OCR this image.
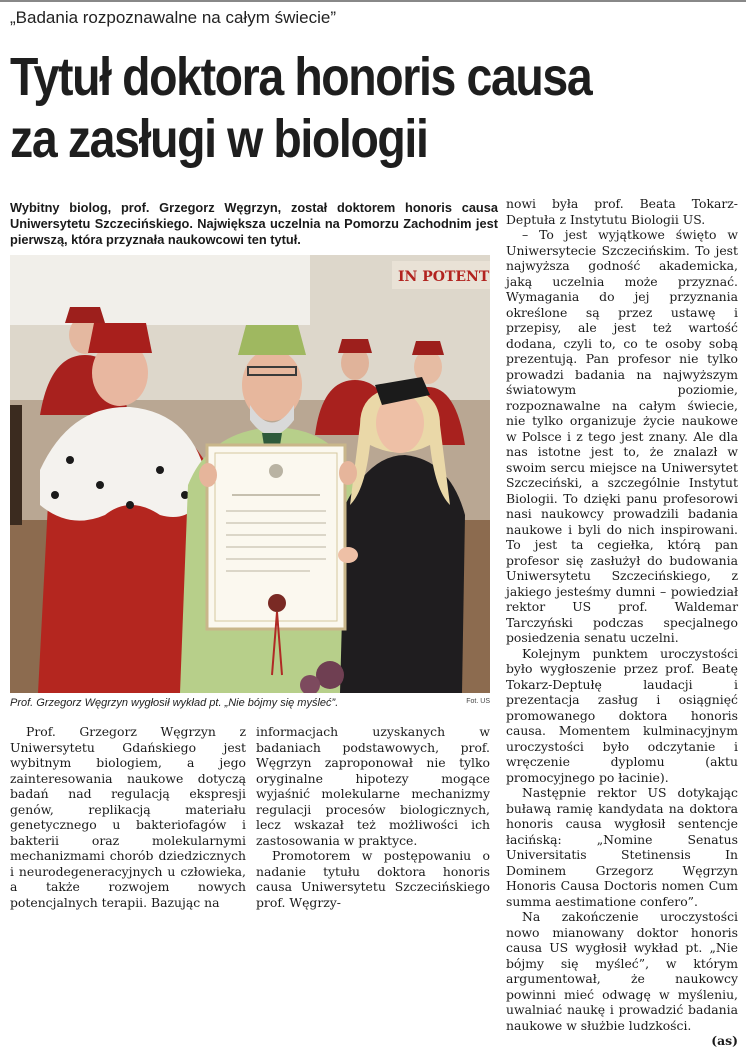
„Badania rozpoznawalne na całym świecie”
Tytuł doktora honoris causa
za zasługi w biologii
Wybitny biolog, prof. Grzegorz Węgrzyn, został doktorem honoris causa Uniwersytetu Szczecińskiego. Największa uczelnia na Pomorzu Zachodnim jest pierwszą, która przyznała naukowcowi ten tytuł.
IN POTENT
Prof. Grzegorz Węgrzyn wygłosił wykład pt. „Nie bójmy się myśleć”.	Fot. US

Prof. Grzegorz Węgrzyn z Uniwersytetu Gdańskiego jest wybitnym biologiem, a jego zainteresowania naukowe dotyczą badań nad regulacją ekspresji genów, replikacją materiału genetycznego u bakteriofagów i bakterii oraz molekularnymi mechanizmami chorób dziedzicznych i neurodegeneracyjnych u człowieka, a także rozwojem nowych potencjalnych terapii. Bazując na

informacjach uzyskanych w badaniach podstawowych, prof. Węgrzyn zaproponował nie tylko oryginalne hipotezy mogące wyjaśnić molekularne mechanizmy regulacji procesów biologicznych, lecz wskazał też możliwości ich zastosowania w praktyce.

Promotorem w postępowaniu o nadanie tytułu doktora honoris causa Uniwersytetu Szczecińskiego prof. Węgrzy-

nowi była prof. Beata Tokarz-Deptuła z Instytutu Biologii US.

– To jest wyjątkowe święto w Uniwersytecie Szczecińskim. To jest najwyższa godność akademicka, jaką uczelnia może przyznać. Wymagania do jej przyznania określone są przez ustawę i przepisy, ale jest też wartość dodana, czyli to, co te osoby sobą prezentują. Pan profesor nie tylko prowadzi badania na najwyższym światowym poziomie, rozpoznawalne na całym świecie, nie tylko organizuje życie naukowe w Polsce i z tego jest znany. Ale dla nas istotne jest to, że znalazł w swoim sercu miejsce na Uniwersytet Szczeciński, a szczególnie Instytut Biologii. To dzięki panu profesorowi nasi naukowcy prowadzili badania naukowe i byli do nich inspirowani. To jest ta cegiełka, którą pan profesor się zasłużył do budowania Uniwersytetu Szczecińskiego, z jakiego jesteśmy dumni – powiedział rektor US prof. Waldemar Tarczyński podczas specjalnego posiedzenia senatu uczelni.

Kolejnym punktem uroczystości było wygłoszenie przez prof. Beatę Tokarz-Deptułę laudacji i prezentacja zasług i osiągnięć promowanego doktora honoris causa. Momentem kulminacyjnym uroczystości było odczytanie i wręczenie dyplomu (aktu promocyjnego po łacinie).

Następnie rektor US dotykając buławą ramię kandydata na doktora honoris causa wygłosił sentencje łacińską: „Nomine Senatus Universitatis Stetinensis In Dominem Grzegorz Węgrzyn Honoris Causa Doctoris nomen Cum summa aestimatione confero”.

Na zakończenie uroczystości nowo mianowany doktor honoris causa US wygłosił wykład pt. „Nie bójmy się myśleć”, w którym argumentował, że naukowcy powinni mieć odwagę w myśleniu, uwalniać naukę i prowadzić badania naukowe w służbie ludzkości.

(as)
